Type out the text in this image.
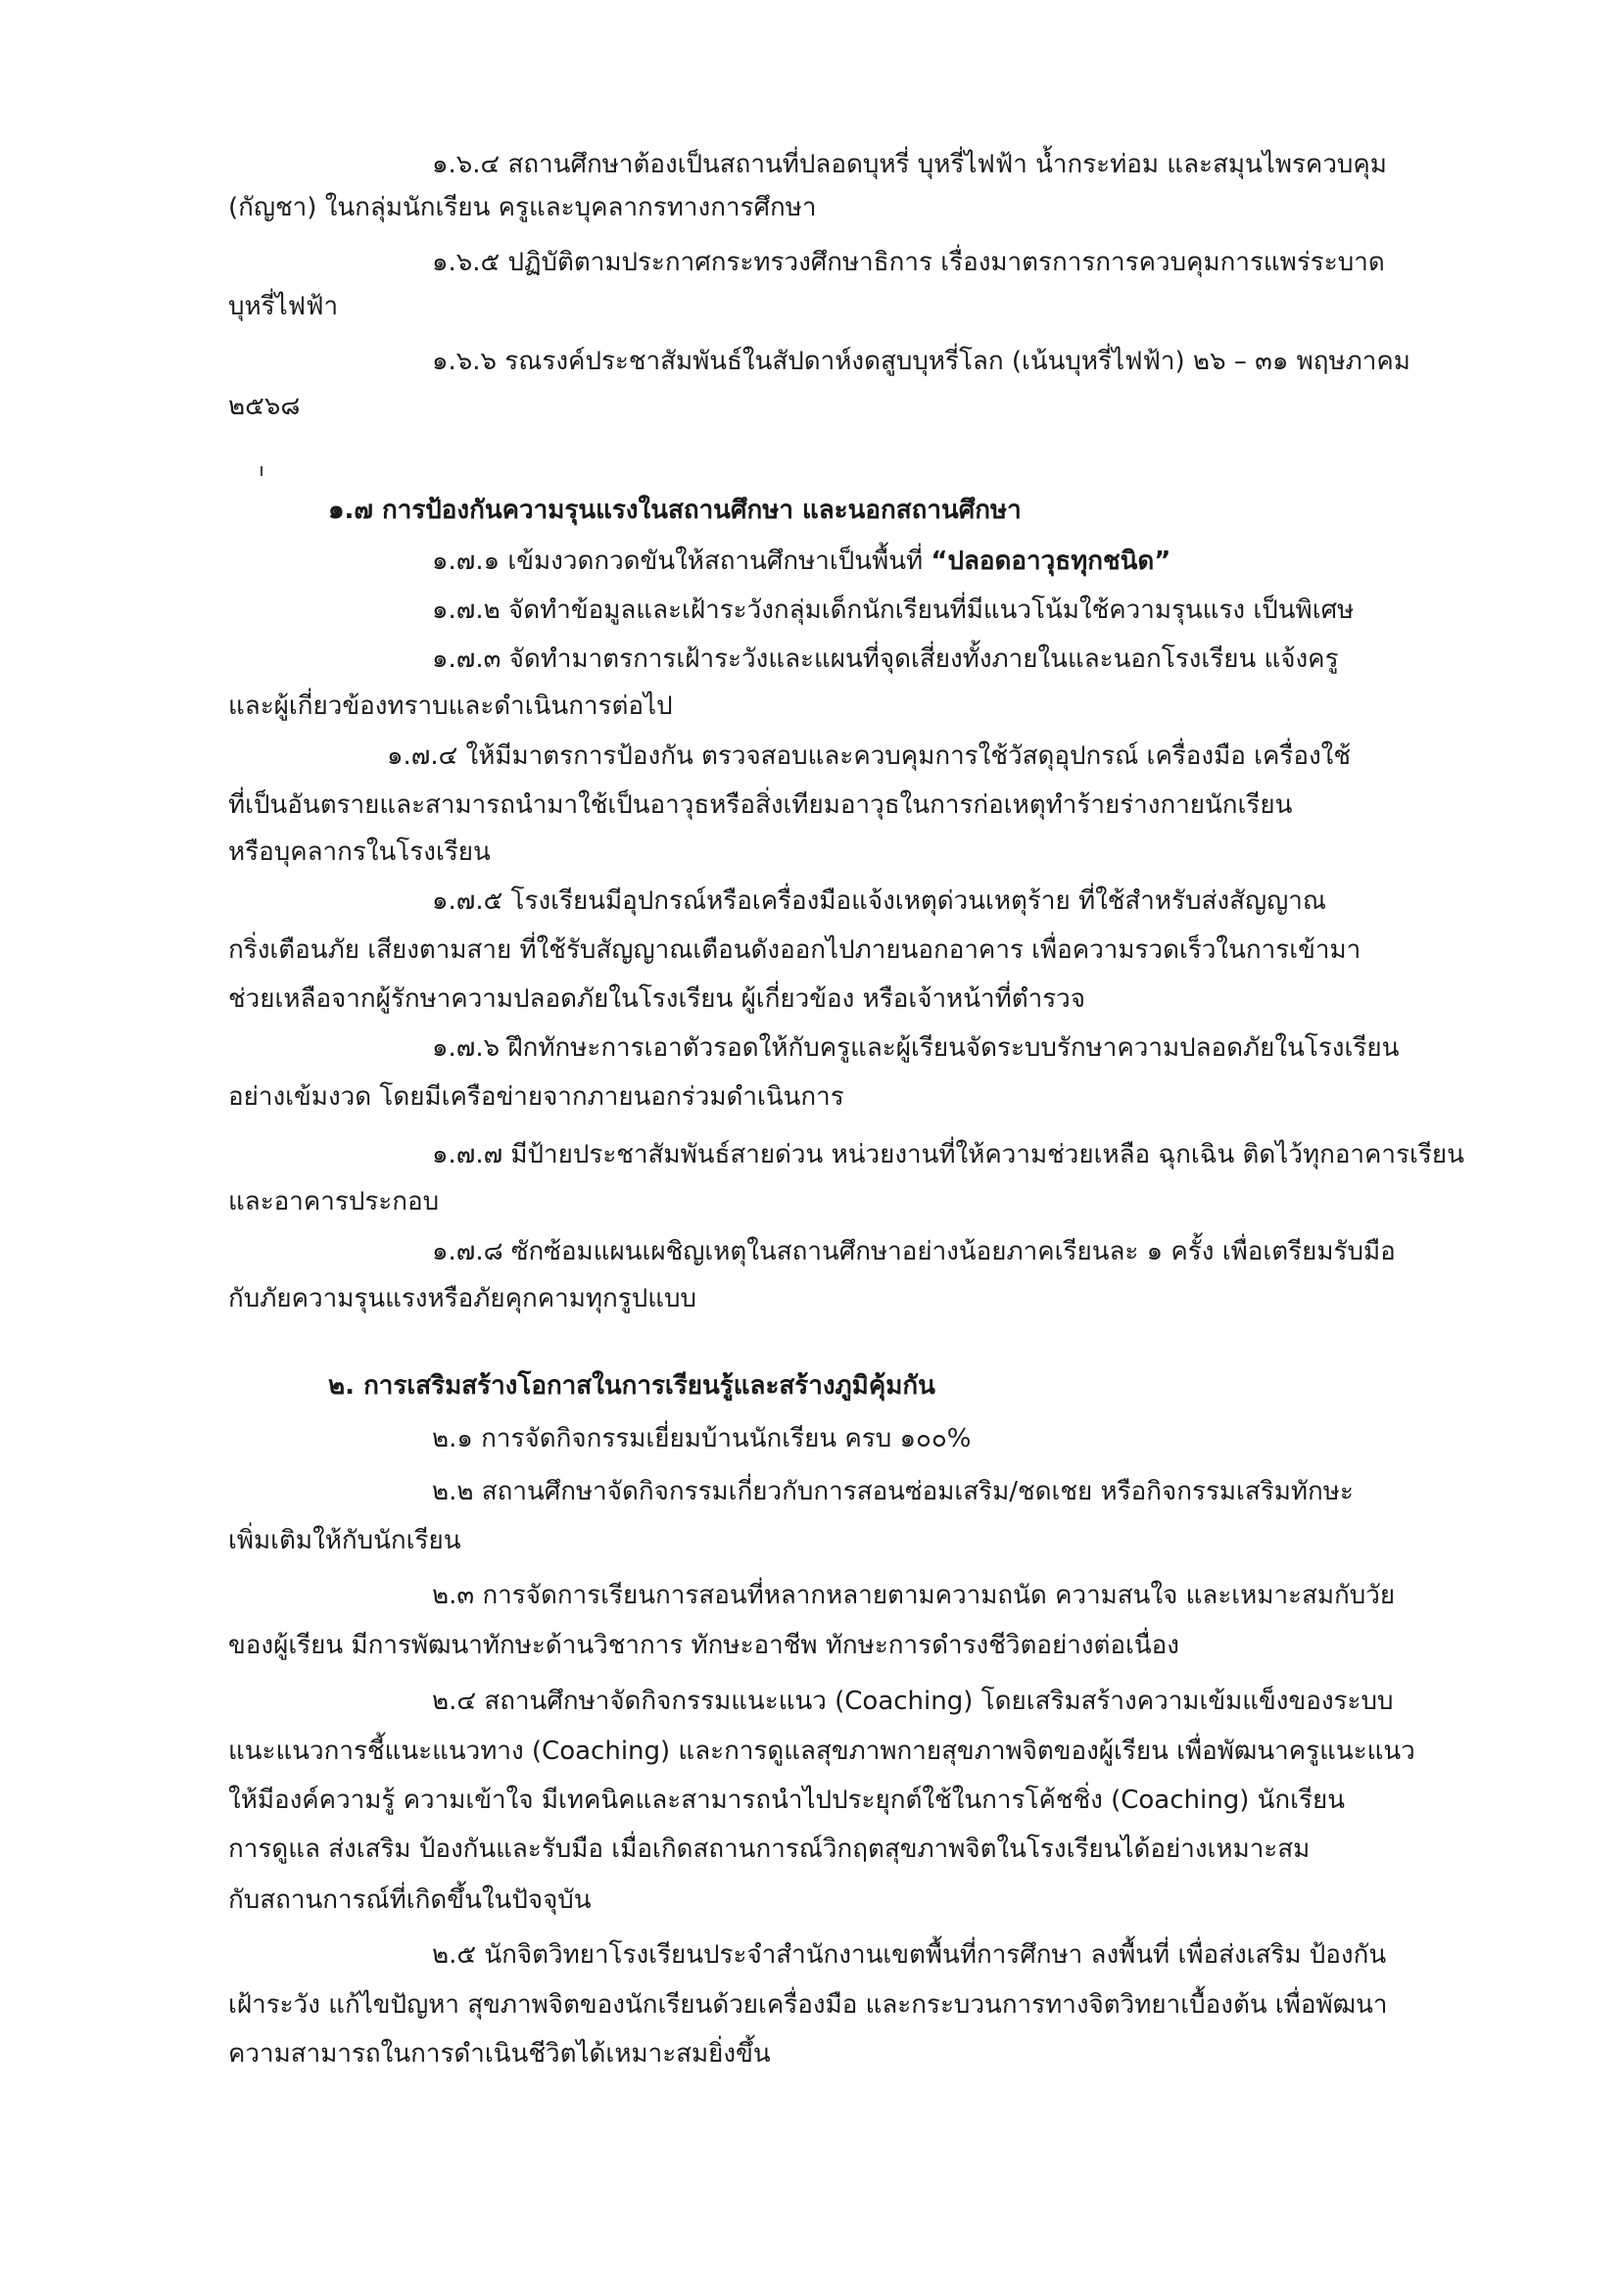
๑.๖.๔ สถานศึกษาต้องเป็นสถานที่ปลอดบุหรี่ บุหรี่ไฟฟ้า น้ำกระท่อม และสมุนไพรควบคุม
(กัญชา) ในกลุ่มนักเรียน ครูและบุคลากรทางการศึกษา
๑.๖.๕ ปฏิบัติตามประกาศกระทรวงศึกษาธิการ เรื่องมาตรการการควบคุมการแพร่ระบาด
บุหรี่ไฟฟ้า
๑.๖.๖ รณรงค์ประชาสัมพันธ์ในสัปดาห์งดสูบบุหรี่โลก (เน้นบุหรี่ไฟฟ้า) ๒๖ – ๓๑ พฤษภาคม
๒๕๖๘
๑.๗ การป้องกันความรุนแรงในสถานศึกษา และนอกสถานศึกษา
๑.๗.๑ เข้มงวดกวดขันให้สถานศึกษาเป็นพื้นที่ “ปลอดอาวุธทุกชนิด”
๑.๗.๒ จัดทำข้อมูลและเฝ้าระวังกลุ่มเด็กนักเรียนที่มีแนวโน้มใช้ความรุนแรง เป็นพิเศษ
๑.๗.๓ จัดทำมาตรการเฝ้าระวังและแผนที่จุดเสี่ยงทั้งภายในและนอกโรงเรียน แจ้งครู
และผู้เกี่ยวข้องทราบและดำเนินการต่อไป
๑.๗.๔ ให้มีมาตรการป้องกัน ตรวจสอบและควบคุมการใช้วัสดุอุปกรณ์ เครื่องมือ เครื่องใช้
ที่เป็นอันตรายและสามารถนำมาใช้เป็นอาวุธหรือสิ่งเทียมอาวุธในการก่อเหตุทำร้ายร่างกายนักเรียน
หรือบุคลากรในโรงเรียน
๑.๗.๕ โรงเรียนมีอุปกรณ์หรือเครื่องมือแจ้งเหตุด่วนเหตุร้าย ที่ใช้สำหรับส่งสัญญาณ
กริ่งเตือนภัย เสียงตามสาย ที่ใช้รับสัญญาณเตือนดังออกไปภายนอกอาคาร เพื่อความรวดเร็วในการเข้ามา
ช่วยเหลือจากผู้รักษาความปลอดภัยในโรงเรียน ผู้เกี่ยวข้อง หรือเจ้าหน้าที่ตำรวจ
๑.๗.๖ ฝึกทักษะการเอาตัวรอดให้กับครูและผู้เรียนจัดระบบรักษาความปลอดภัยในโรงเรียน
อย่างเข้มงวด โดยมีเครือข่ายจากภายนอกร่วมดำเนินการ
๑.๗.๗ มีป้ายประชาสัมพันธ์สายด่วน หน่วยงานที่ให้ความช่วยเหลือ ฉุกเฉิน ติดไว้ทุกอาคารเรียน
และอาคารประกอบ
๑.๗.๘ ซักซ้อมแผนเผชิญเหตุในสถานศึกษาอย่างน้อยภาคเรียนละ ๑ ครั้ง เพื่อเตรียมรับมือ
กับภัยความรุนแรงหรือภัยคุกคามทุกรูปแบบ
๒. การเสริมสร้างโอกาสในการเรียนรู้และสร้างภูมิคุ้มกัน
๒.๑ การจัดกิจกรรมเยี่ยมบ้านนักเรียน ครบ ๑๐๐%
๒.๒ สถานศึกษาจัดกิจกรรมเกี่ยวกับการสอนซ่อมเสริม/ชดเชย หรือกิจกรรมเสริมทักษะ
เพิ่มเติมให้กับนักเรียน
๒.๓ การจัดการเรียนการสอนที่หลากหลายตามความถนัด ความสนใจ และเหมาะสมกับวัย
ของผู้เรียน มีการพัฒนาทักษะด้านวิชาการ ทักษะอาชีพ ทักษะการดำรงชีวิตอย่างต่อเนื่อง
๒.๔ สถานศึกษาจัดกิจกรรมแนะแนว (Coaching) โดยเสริมสร้างความเข้มแข็งของระบบ
แนะแนวการชี้แนะแนวทาง (Coaching) และการดูแลสุขภาพกายสุขภาพจิตของผู้เรียน เพื่อพัฒนาครูแนะแนว
ให้มีองค์ความรู้ ความเข้าใจ มีเทคนิคและสามารถนำไปประยุกต์ใช้ในการโค้ชชิ่ง (Coaching) นักเรียน
การดูแล ส่งเสริม ป้องกันและรับมือ เมื่อเกิดสถานการณ์วิกฤตสุขภาพจิตในโรงเรียนได้อย่างเหมาะสม
กับสถานการณ์ที่เกิดขึ้นในปัจจุบัน
๒.๕ นักจิตวิทยาโรงเรียนประจำสำนักงานเขตพื้นที่การศึกษา ลงพื้นที่ เพื่อส่งเสริม ป้องกัน
เฝ้าระวัง แก้ไขปัญหา สุขภาพจิตของนักเรียนด้วยเครื่องมือ และกระบวนการทางจิตวิทยาเบื้องต้น เพื่อพัฒนา
ความสามารถในการดำเนินชีวิตได้เหมาะสมยิ่งขึ้น
